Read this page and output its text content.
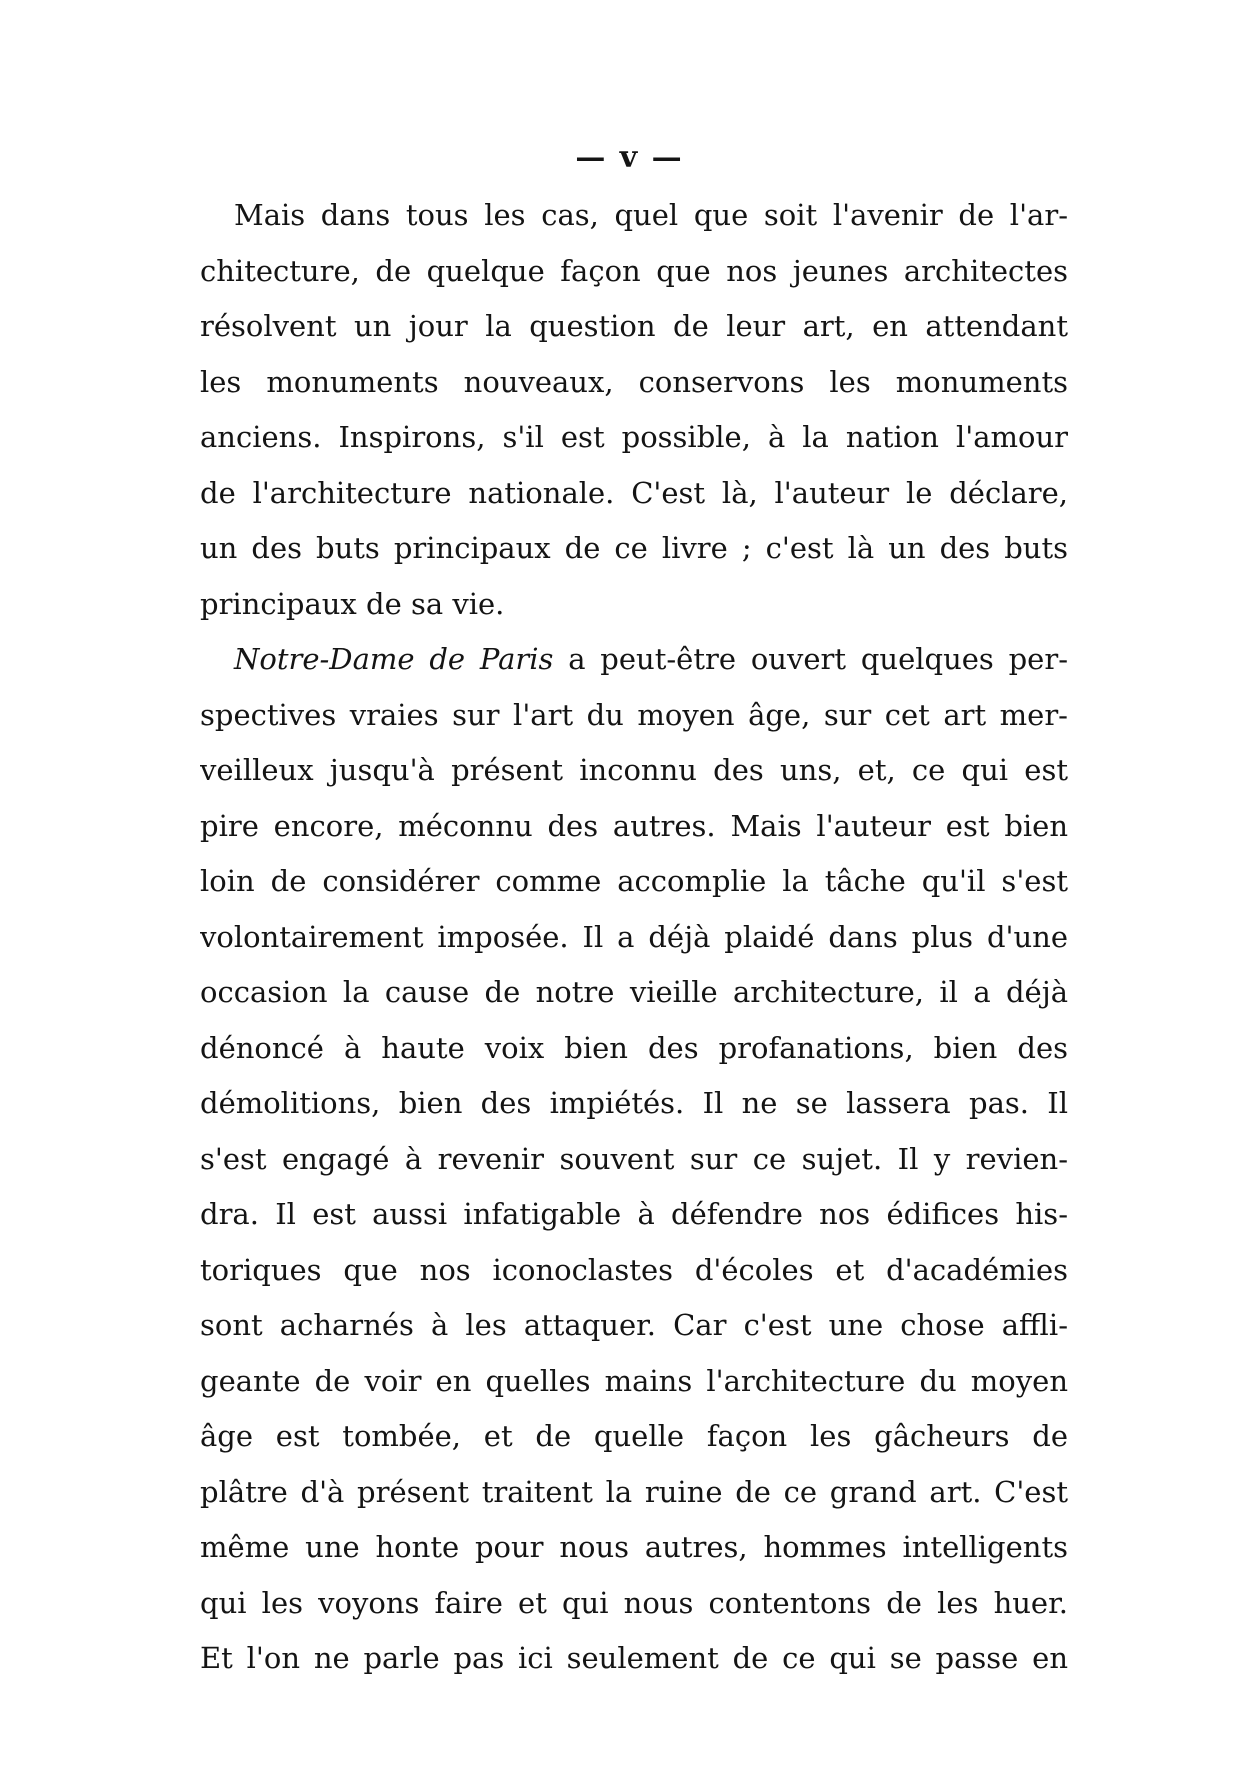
— v —
Mais dans tous les cas, quel que soit l'avenir de l'ar-
chitecture, de quelque façon que nos jeunes architectes
résolvent un jour la question de leur art, en attendant
les monuments nouveaux, conservons les monuments
anciens. Inspirons, s'il est possible, à la nation l'amour
de l'architecture nationale. C'est là, l'auteur le déclare,
un des buts principaux de ce livre ; c'est là un des buts
principaux de sa vie.
Notre-Dame de Paris a peut-être ouvert quelques per-
spectives vraies sur l'art du moyen âge, sur cet art mer-
veilleux jusqu'à présent inconnu des uns, et, ce qui est
pire encore, méconnu des autres. Mais l'auteur est bien
loin de considérer comme accomplie la tâche qu'il s'est
volontairement imposée. Il a déjà plaidé dans plus d'une
occasion la cause de notre vieille architecture, il a déjà
dénoncé à haute voix bien des profanations, bien des
démolitions, bien des impiétés. Il ne se lassera pas. Il
s'est engagé à revenir souvent sur ce sujet. Il y revien-
dra. Il est aussi infatigable à défendre nos édifices his-
toriques que nos iconoclastes d'écoles et d'académies
sont acharnés à les attaquer. Car c'est une chose affli-
geante de voir en quelles mains l'architecture du moyen
âge est tombée, et de quelle façon les gâcheurs de
plâtre d'à présent traitent la ruine de ce grand art. C'est
même une honte pour nous autres, hommes intelligents
qui les voyons faire et qui nous contentons de les huer.
Et l'on ne parle pas ici seulement de ce qui se passe en
